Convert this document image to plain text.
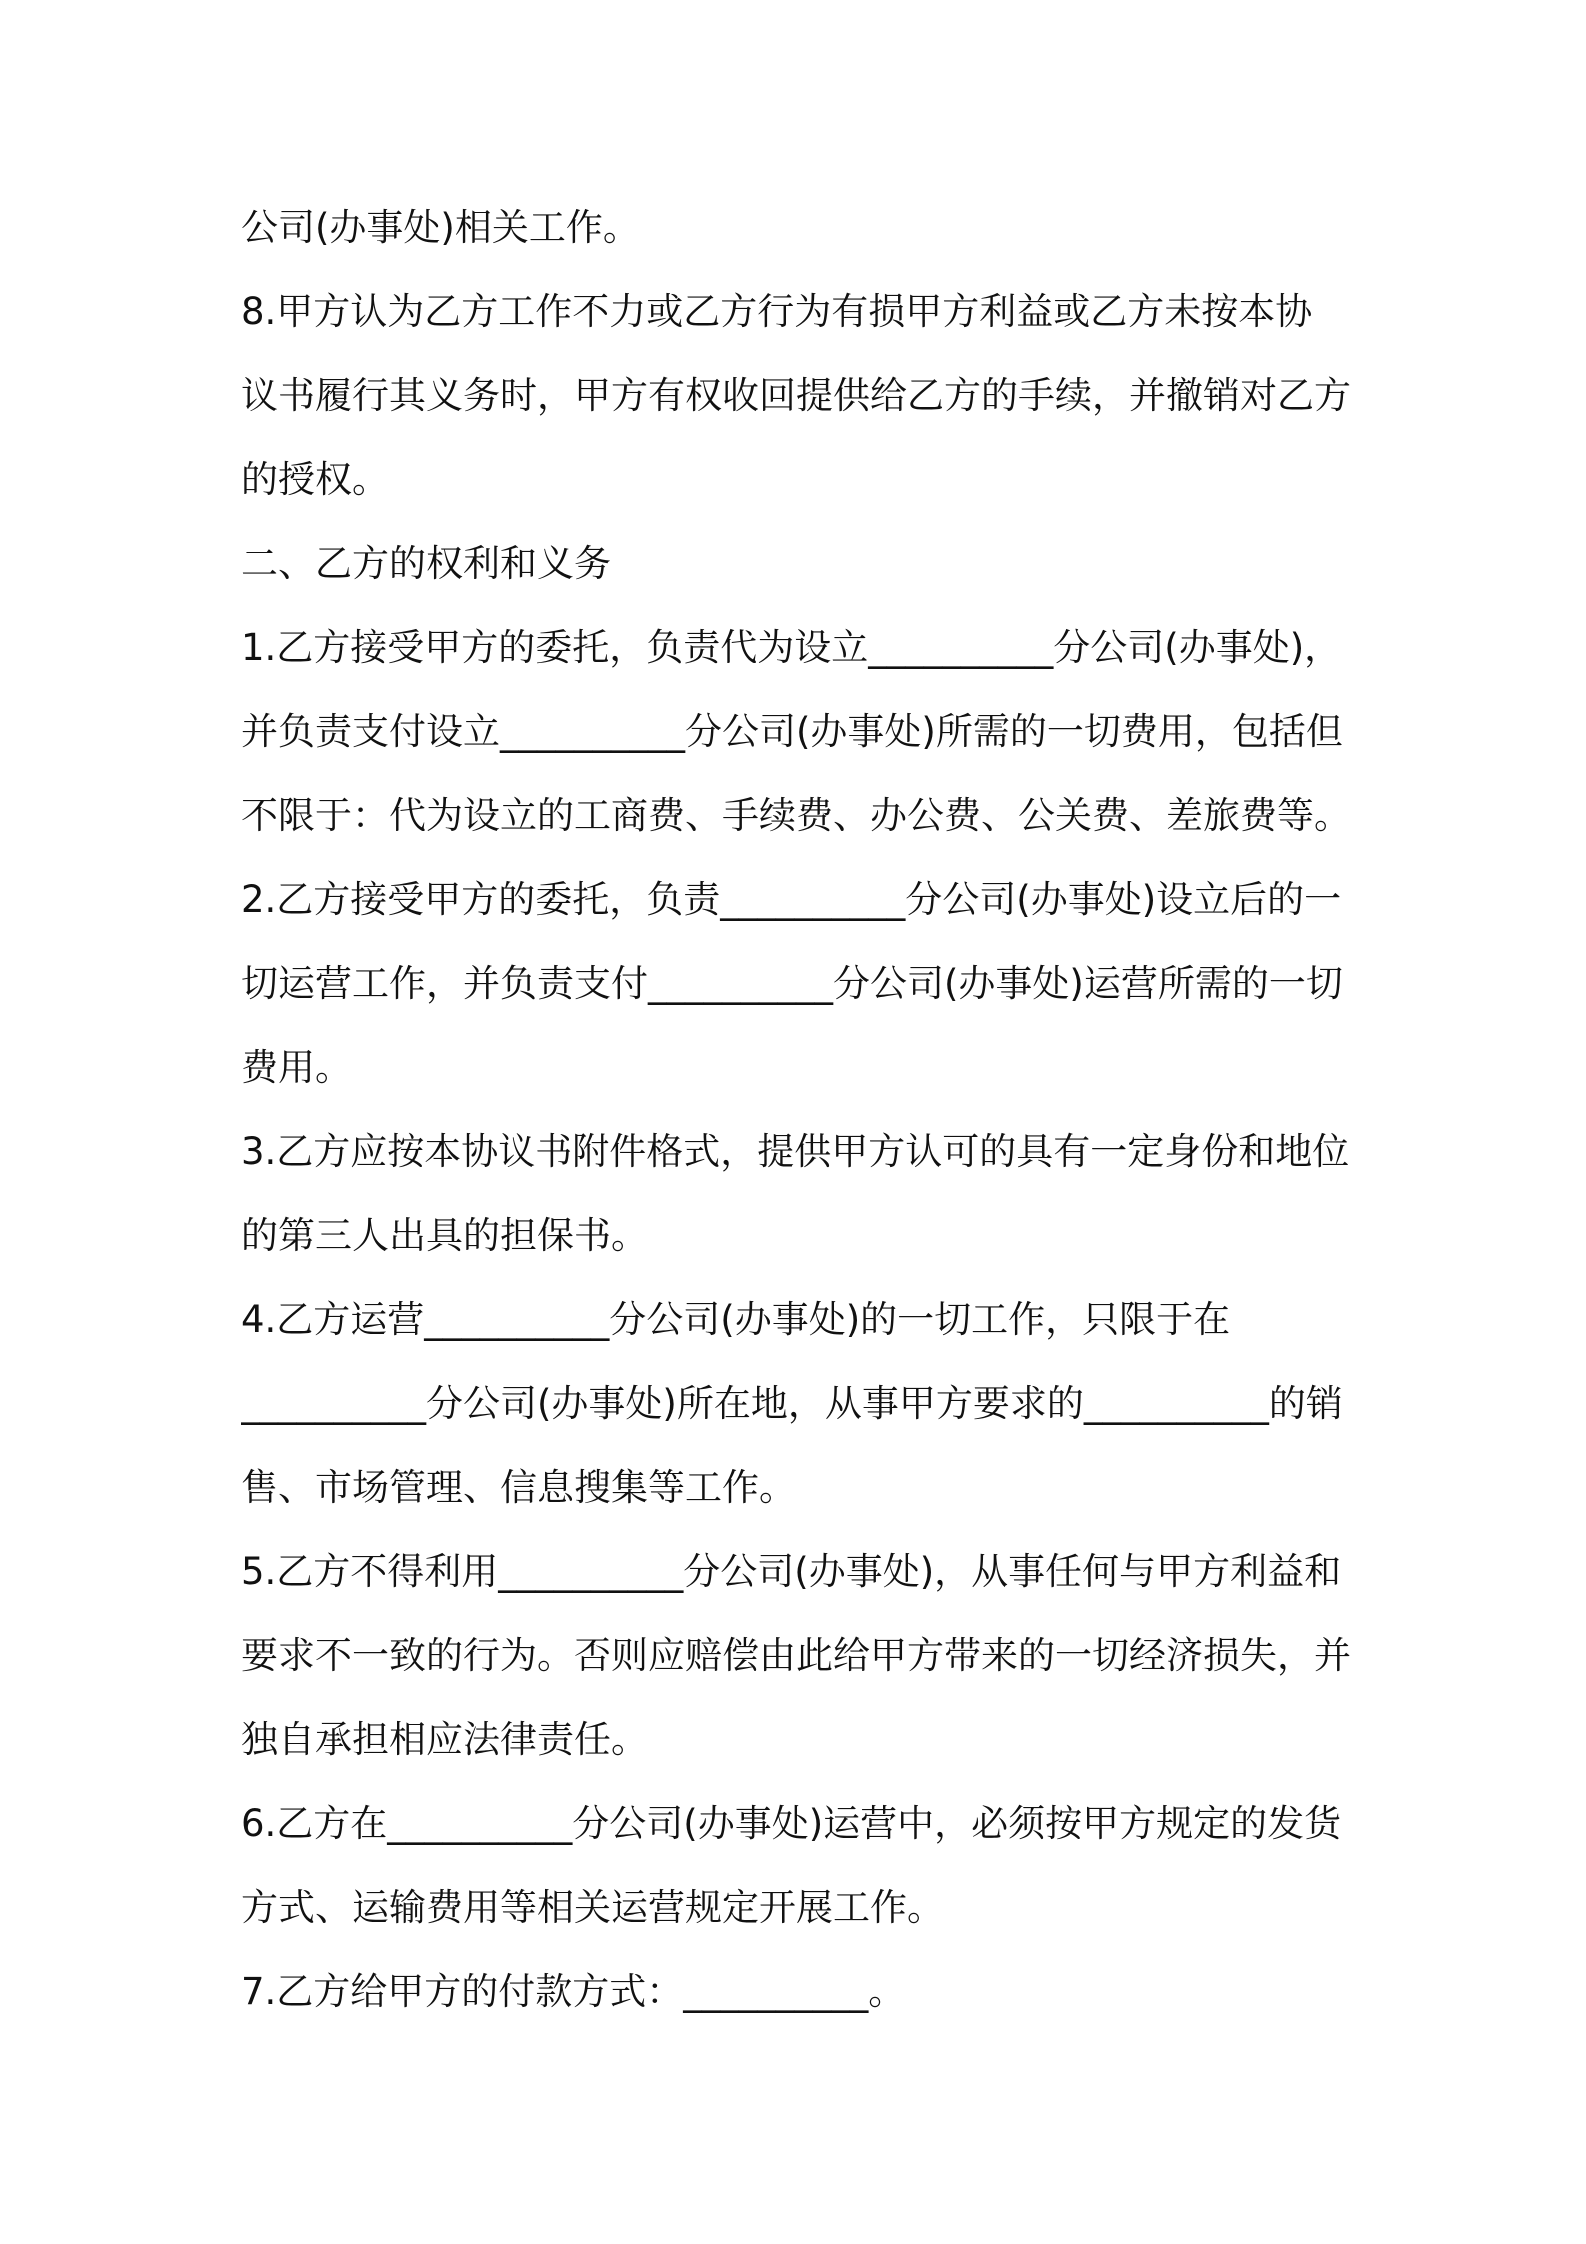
公司(办事处)相关工作。

8.甲方认为乙方工作不力或乙方行为有损甲方利益或乙方未按本协

议书履行其义务时，甲方有权收回提供给乙方的手续，并撤销对乙方

的授权。

二、乙方的权利和义务

1.乙方接受甲方的委托，负责代为设立__________分公司(办事处)，

并负责支付设立__________分公司(办事处)所需的一切费用，包括但

不限于：代为设立的工商费、手续费、办公费、公关费、差旅费等。

2.乙方接受甲方的委托，负责__________分公司(办事处)设立后的一

切运营工作，并负责支付__________分公司(办事处)运营所需的一切

费用。

3.乙方应按本协议书附件格式，提供甲方认可的具有一定身份和地位

的第三人出具的担保书。

4.乙方运营__________分公司(办事处)的一切工作，只限于在

__________分公司(办事处)所在地，从事甲方要求的__________的销

售、市场管理、信息搜集等工作。

5.乙方不得利用__________分公司(办事处)，从事任何与甲方利益和

要求不一致的行为。否则应赔偿由此给甲方带来的一切经济损失，并

独自承担相应法律责任。

6.乙方在__________分公司(办事处)运营中，必须按甲方规定的发货

方式、运输费用等相关运营规定开展工作。

7.乙方给甲方的付款方式：__________。
